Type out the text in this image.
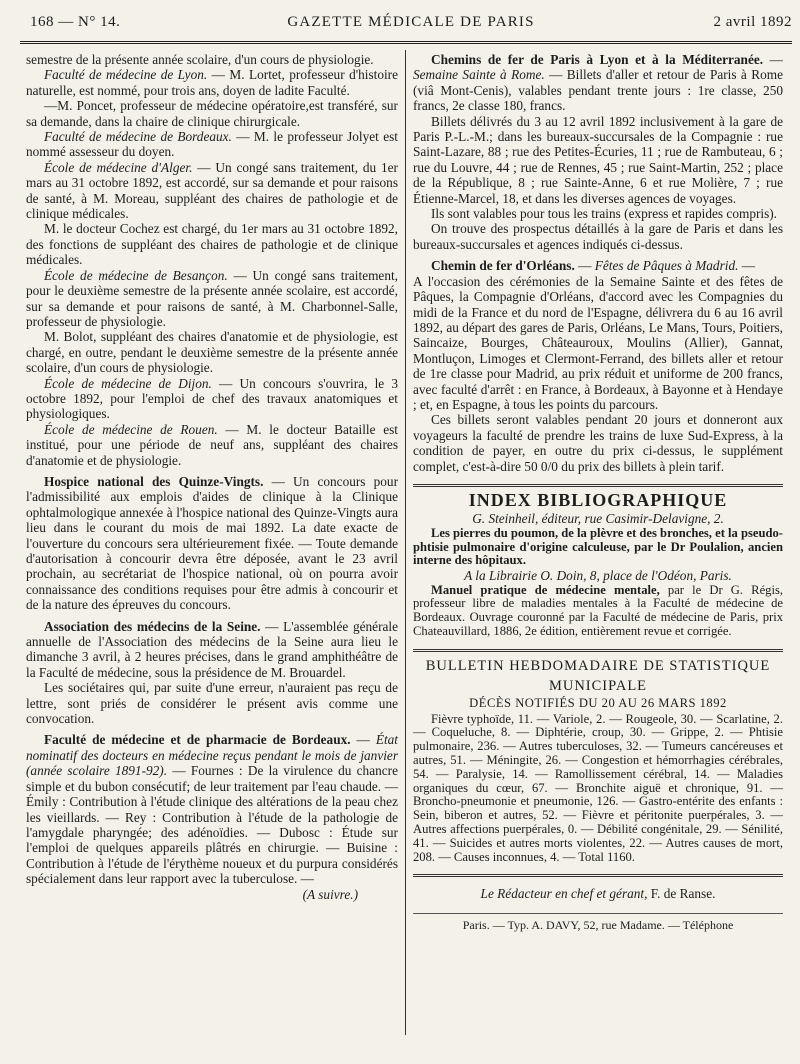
168 — N° 14.	GAZETTE MÉDICALE DE PARIS	2 avril 1892

semestre de la présente année scolaire, d'un cours de physiologie.

Faculté de médecine de Lyon. — M. Lortet, professeur d'histoire naturelle, est nommé, pour trois ans, doyen de ladite Faculté.

—M. Poncet, professeur de médecine opératoire,est transféré, sur sa demande, dans la chaire de clinique chirurgicale.

Faculté de médecine de Bordeaux. — M. le professeur Jolyet est nommé assesseur du doyen.

École de médecine d'Alger. — Un congé sans traitement, du 1er mars au 31 octobre 1892, est accordé, sur sa demande et pour raisons de santé, à M. Moreau, suppléant des chaires de pathologie et de clinique médicales.

M. le docteur Cochez est chargé, du 1er mars au 31 octobre 1892, des fonctions de suppléant des chaires de pathologie et de clinique médicales.

École de médecine de Besançon. — Un congé sans traitement, pour le deuxième semestre de la présente année scolaire, est accordé, sur sa demande et pour raisons de santé, à M. Charbonnel-Salle, professeur de physiologie.

M. Bolot, suppléant des chaires d'anatomie et de physiologie, est chargé, en outre, pendant le deuxième semestre de la présente année scolaire, d'un cours de physiologie.

École de médecine de Dijon. — Un concours s'ouvrira, le 3 octobre 1892, pour l'emploi de chef des travaux anatomiques et physiologiques.

École de médecine de Rouen. — M. le docteur Bataille est institué, pour une période de neuf ans, suppléant des chaires d'anatomie et de physiologie.

Hospice national des Quinze-Vingts. — Un concours pour l'admissibilité aux emplois d'aides de clinique à la Clinique ophtalmologique annexée à l'hospice national des Quinze-Vingts aura lieu dans le courant du mois de mai 1892. La date exacte de l'ouverture du concours sera ultérieurement fixée. — Toute demande d'autorisation à concourir devra être déposée, avant le 23 avril prochain, au secrétariat de l'hospice national, où on pourra avoir connaissance des conditions requises pour être admis à concourir et de la nature des épreuves du concours.

Association des médecins de la Seine. — L'assemblée générale annuelle de l'Association des médecins de la Seine aura lieu le dimanche 3 avril, à 2 heures précises, dans le grand amphithéâtre de la Faculté de médecine, sous la présidence de M. Brouardel.

Les sociétaires qui, par suite d'une erreur, n'auraient pas reçu de lettre, sont priés de considérer le présent avis comme une convocation.

Faculté de médecine et de pharmacie de Bordeaux. — État nominatif des docteurs en médecine reçus pendant le mois de janvier (année scolaire 1891-92). — Fournes : De la virulence du chancre simple et du bubon consécutif; de leur traitement par l'eau chaude. — Émily : Contribution à l'étude clinique des altérations de la peau chez les vieillards. — Rey : Contribution à l'étude de la pathologie de l'amygdale pharyngée; des adénoïdies. — Dubosc : Étude sur l'emploi de quelques appareils plâtrés en chirurgie. — Buisine : Contribution à l'étude de l'érythème noueux et du purpura considérés spécialement dans leur rapport avec la tuberculose. —

(A suivre.)

Chemins de fer de Paris à Lyon et à la Méditerranée. — Semaine Sainte à Rome. — Billets d'aller et retour de Paris à Rome (viâ Mont-Cenis), valables pendant trente jours : 1re classe, 250 francs, 2e classe 180, francs.

Billets délivrés du 3 au 12 avril 1892 inclusivement à la gare de Paris P.-L.-M.; dans les bureaux-succursales de la Compagnie : rue Saint-Lazare, 88 ; rue des Petites-Écuries, 11 ; rue de Rambuteau, 6 ; rue du Louvre, 44 ; rue de Rennes, 45 ; rue Saint-Martin, 252 ; place de la République, 8 ; rue Sainte-Anne, 6 et rue Molière, 7 ; rue Étienne-Marcel, 18, et dans les diverses agences de voyages.

Ils sont valables pour tous les trains (express et rapides compris).

On trouve des prospectus détaillés à la gare de Paris et dans les bureaux-succursales et agences indiqués ci-dessus.

Chemin de fer d'Orléans. — Fêtes de Pâques à Madrid. —

A l'occasion des cérémonies de la Semaine Sainte et des fêtes de Pâques, la Compagnie d'Orléans, d'accord avec les Compagnies du midi de la France et du nord de l'Espagne, délivrera du 6 au 16 avril 1892, au départ des gares de Paris, Orléans, Le Mans, Tours, Poitiers, Saincaize, Bourges, Châteauroux, Moulins (Allier), Gannat, Montluçon, Limoges et Clermont-Ferrand, des billets aller et retour de 1re classe pour Madrid, au prix réduit et uniforme de 200 francs, avec faculté d'arrêt : en France, à Bordeaux, à Bayonne et à Hendaye ; et, en Espagne, à tous les points du parcours.

Ces billets seront valables pendant 20 jours et donneront aux voyageurs la faculté de prendre les trains de luxe Sud-Express, à la condition de payer, en outre du prix ci-dessus, le supplément complet, c'est-à-dire 50 0/0 du prix des billets à plein tarif.

INDEX BIBLIOGRAPHIQUE

G. Steinheil, éditeur, rue Casimir-Delavigne, 2.

Les pierres du poumon, de la plèvre et des bronches, et la pseudo-phtisie pulmonaire d'origine calculeuse, par le Dr Poulalion, ancien interne des hôpitaux.

A la Librairie O. Doin, 8, place de l'Odéon, Paris.

Manuel pratique de médecine mentale, par le Dr G. Régis, professeur libre de maladies mentales à la Faculté de médecine de Bordeaux. Ouvrage couronné par la Faculté de médecine de Paris, prix Chateauvillard, 1886, 2e édition, entièrement revue et corrigée.

BULLETIN HEBDOMADAIRE DE STATISTIQUE
MUNICIPALE
DÉCÈS NOTIFIÉS DU 20 AU 26 MARS 1892

Fièvre typhoïde, 11. — Variole, 2. — Rougeole, 30. — Scarlatine, 2. — Coqueluche, 8. — Diphtérie, croup, 30. — Grippe, 2. — Phtisie pulmonaire, 236. — Autres tuberculoses, 32. — Tumeurs cancéreuses et autres, 51. — Méningite, 26. — Congestion et hémorrhagies cérébrales, 54. — Paralysie, 14. — Ramollissement cérébral, 14. — Maladies organiques du cœur, 67. — Bronchite aiguë et chronique, 91. — Broncho-pneumonie et pneumonie, 126. — Gastro-entérite des enfants : Sein, biberon et autres, 52. — Fièvre et péritonite puerpérales, 3. — Autres affections puerpérales, 0. — Débilité congénitale, 29. — Sénilité, 41. — Suicides et autres morts violentes, 22. — Autres causes de mort, 208. — Causes inconnues, 4. — Total 1160.

Le Rédacteur en chef et gérant, F. de Ranse.

Paris. — Typ. A. DAVY, 52, rue Madame. — Téléphone
